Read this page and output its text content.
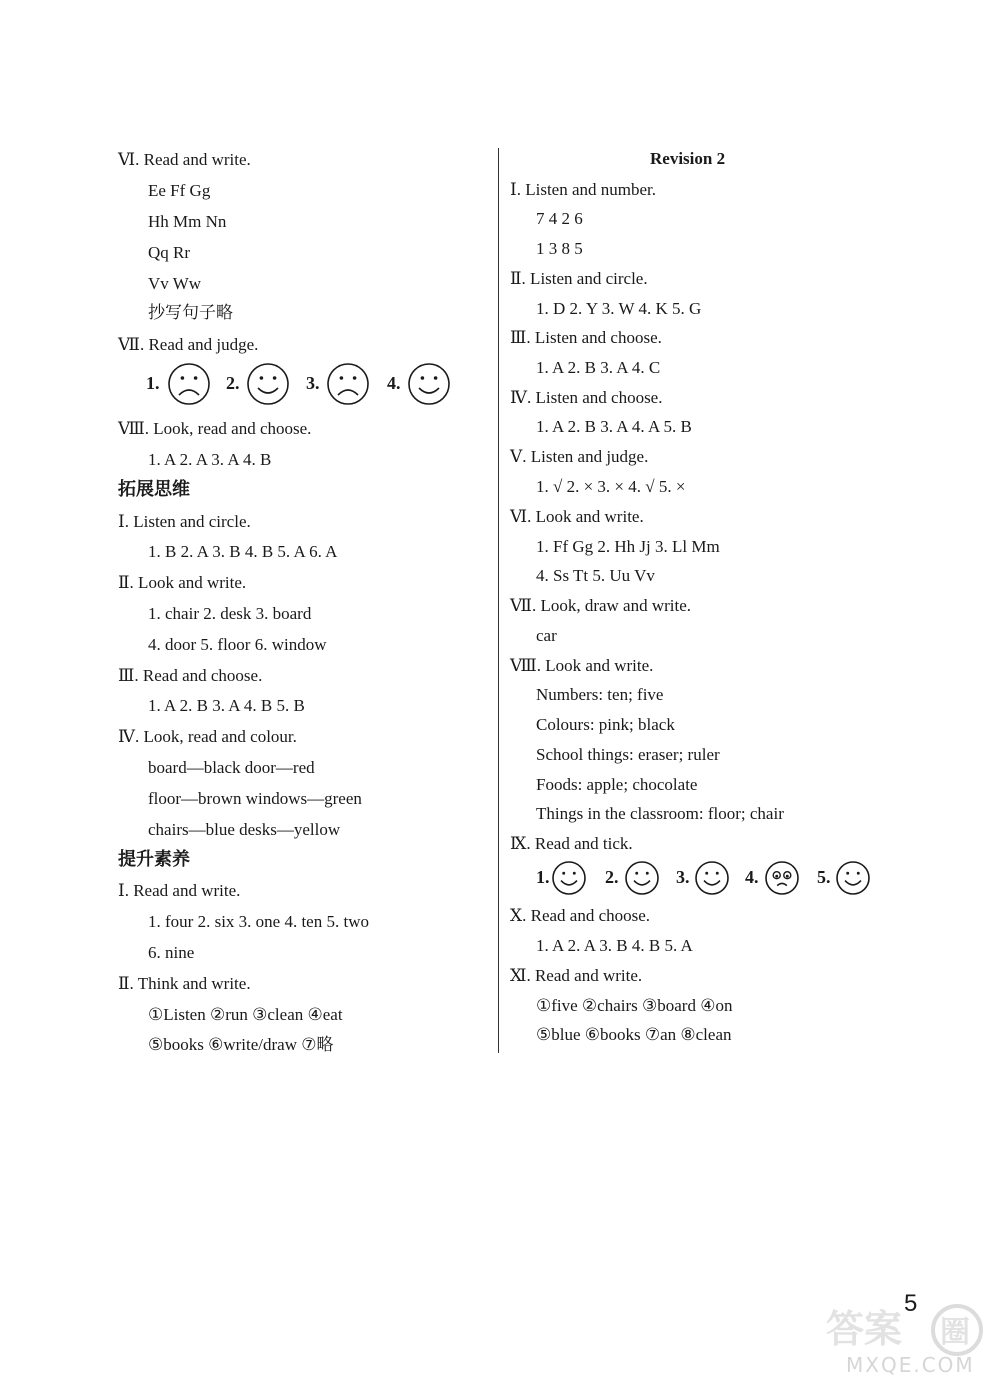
Ⅵ. Read and write.
Ee Ff Gg
Hh Mm Nn
Qq Rr
Vv Ww
抄写句子略
Ⅶ. Read and judge.
Ⅷ. Look, read and choose.
1. A 2. A 3. A 4. B
拓展思维
Ⅰ. Listen and circle.
1. B 2. A 3. B 4. B 5. A 6. A
Ⅱ. Look and write.
1. chair 2. desk 3. board
4. door 5. floor 6. window
Ⅲ. Read and choose.
1. A 2. B 3. A 4. B 5. B
Ⅳ. Look, read and colour.
board—black door—red
floor—brown windows—green
chairs—blue desks—yellow
提升素养
Ⅰ. Read and write.
1. four 2. six 3. one 4. ten 5. two
6. nine
Ⅱ. Think and write.
①Listen ②run ③clean ④eat
⑤books ⑥write/draw ⑦略
Revision 2
Ⅰ. Listen and number.
7 4 2 6
1 3 8 5
Ⅱ. Listen and circle.
1. D 2. Y 3. W 4. K 5. G
Ⅲ. Listen and choose.
1. A 2. B 3. A 4. C
Ⅳ. Listen and choose.
1. A 2. B 3. A 4. A 5. B
Ⅴ. Listen and judge.
1. √ 2. × 3. × 4. √ 5. ×
Ⅵ. Look and write.
1. Ff Gg 2. Hh Jj 3. Ll Mm
4. Ss Tt 5. Uu Vv
Ⅶ. Look, draw and write.
car
Ⅷ. Look and write.
Numbers: ten; five
Colours: pink; black
School things: eraser; ruler
Foods: apple; chocolate
Things in the classroom: floor; chair
Ⅸ. Read and tick.
Ⅹ. Read and choose.
1. A 2. A 3. B 4. B 5. A
Ⅺ. Read and write.
①five ②chairs ③board ④on
⑤blue ⑥books ⑦an ⑧clean
1.	2.	3.	4.
1.	2.	3.	4.	5.
答案 圈
MXQE.COM
5
